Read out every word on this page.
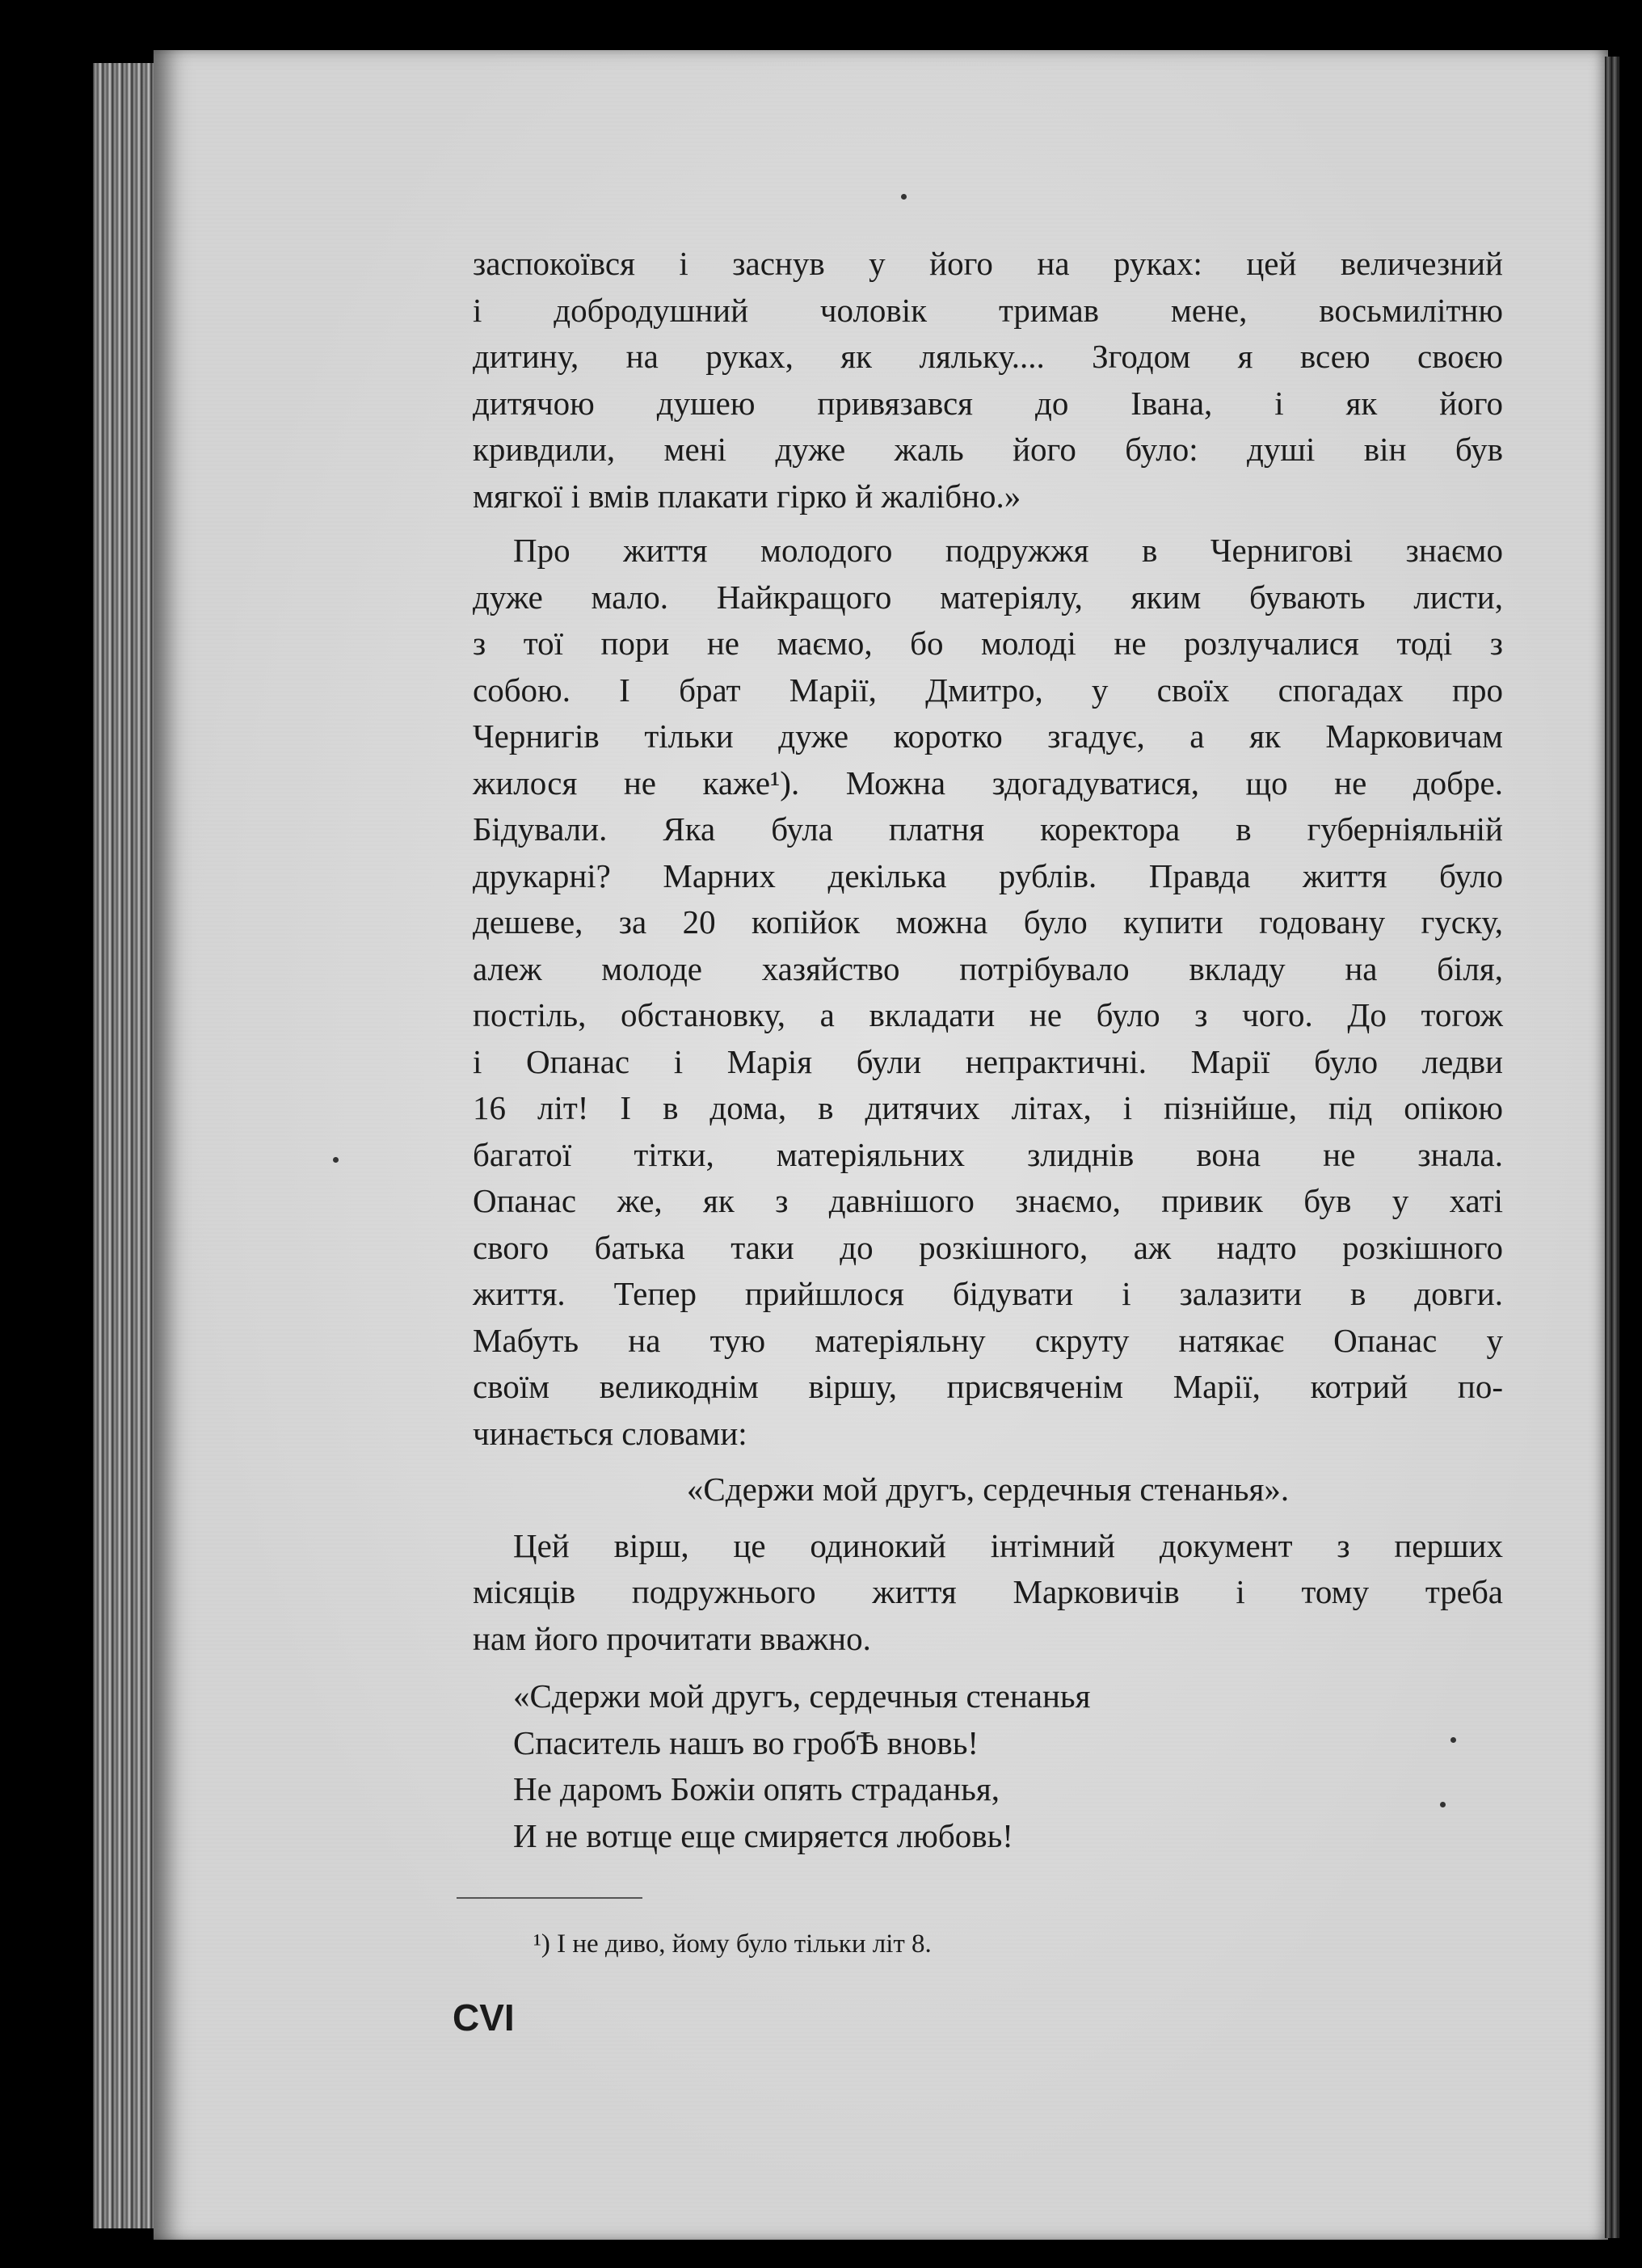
заспокоївся і заснув у його на руках: цей величезний
і добродушний чоловік тримав мене, восьмилітню
дитину, на руках, як ляльку.... Згодом я всею своєю
дитячою душею привязався до Івана, і як його
кривдили, мені дуже жаль його було: душі він був
мягкої і вмів плакати гірко й жалібно.»
Про життя молодого подружжя в Чернигові знаємо
дуже мало. Найкращого матеріялу, яким бувають листи,
з тої пори не маємо, бо молоді не розлучалися тоді з
собою. І брат Марії, Дмитро, у своїх спогадах про
Чернигів тільки дуже коротко згадує, а як Марковичам
жилося не каже¹). Можна здогадуватися, що не добре.
Бідували. Яка була платня коректора в губерніяльній
друкарні? Марних декілька рублів. Правда життя було
дешеве, за 20 копійок можна було купити годовану гуску,
алеж молоде хазяйство потрібувало вкладу на біля,
постіль, обстановку, а вкладати не було з чого. До тогож
і Опанас і Марія були непрактичні. Марії було ледви
16 літ! І в дома, в дитячих літах, і пізнійше, під опікою
багатої тітки, матеріяльних злиднів вона не знала.
Опанас же, як з давнішого знаємо, привик був у хаті
свого батька таки до розкішного, аж надто розкішного
життя. Тепер прийшлося бідувати і залазити в довги.
Мабуть на тую матеріяльну скруту натякає Опанас у
своїм великоднім віршу, присвяченім Марії, котрий по-
чинається словами:
«Сдержи мой другъ, сердечныя стенанья».
Цей вірш, це одинокий інтімний документ з перших
місяців подружнього життя Марковичів і тому треба
нам його прочитати вважно.
«Сдержи мой другъ, сердечныя стенанья
Спаситель нашъ во гробѢ вновь!
Не даромъ Божіи опять страданья,
И не вотще еще смиряется любовь!
¹) І не диво, йому було тільки літ 8.
CVI
